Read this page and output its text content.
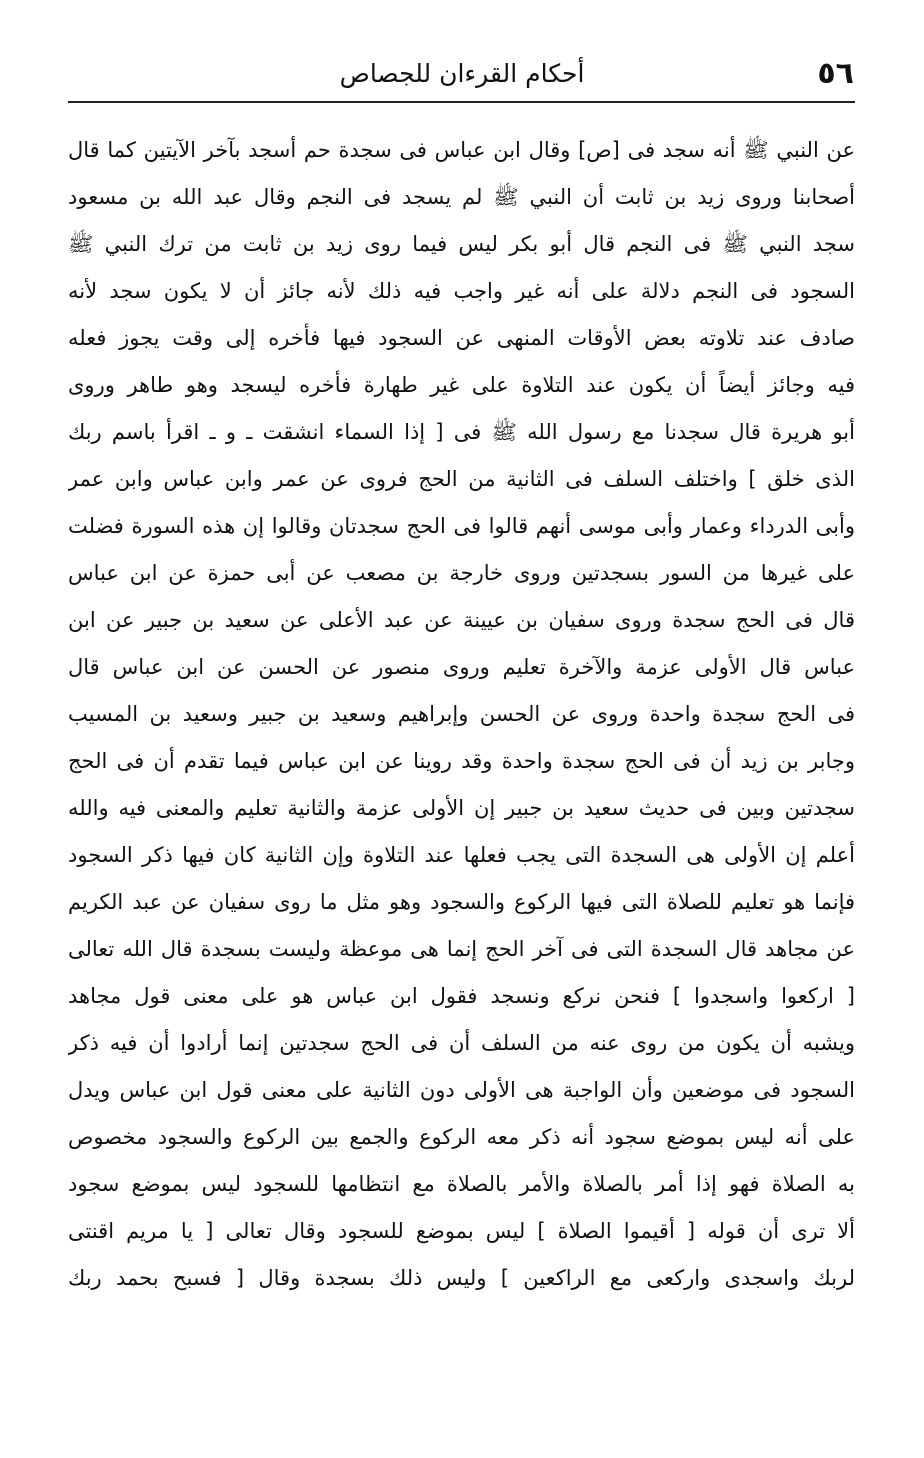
٥٦
أحكام القرءان للجصاص
عن النبي ﷺ أنه سجد فى [ص] وقال ابن عباس فى سجدة حم أسجد بآخر الآيتين كما قال
أصحابنا وروى زيد بن ثابت أن النبي ﷺ لم يسجد فى النجم وقال عبد الله بن مسعود
سجد النبي ﷺ فى النجم قال أبو بكر ليس فيما روى زيد بن ثابت من ترك النبي ﷺ
السجود فى النجم دلالة على أنه غير واجب فيه ذلك لأنه جائز أن لا يكون سجد لأنه
صادف عند تلاوته بعض الأوقات المنهى عن السجود فيها فأخره إلى وقت يجوز فعله
فيه وجائز أيضاً أن يكون عند التلاوة على غير طهارة فأخره ليسجد وهو طاهر وروى
أبو هريرة قال سجدنا مع رسول الله ﷺ فى [ إذا السماء انشقت ـ و ـ اقرأ باسم ربك
الذى خلق ] واختلف السلف فى الثانية من الحج فروى عن عمر وابن عباس وابن عمر
وأبى الدرداء وعمار وأبى موسى أنهم قالوا فى الحج سجدتان وقالوا إن هذه السورة فضلت
على غيرها من السور بسجدتين وروى خارجة بن مصعب عن أبى حمزة عن ابن عباس
قال فى الحج سجدة وروى سفيان بن عيينة عن عبد الأعلى عن سعيد بن جبير عن ابن
عباس قال الأولى عزمة والآخرة تعليم وروى منصور عن الحسن عن ابن عباس قال
فى الحج سجدة واحدة وروى عن الحسن وإبراهيم وسعيد بن جبير وسعيد بن المسيب
وجابر بن زيد أن فى الحج سجدة واحدة وقد روينا عن ابن عباس فيما تقدم أن فى الحج
سجدتين وبين فى حديث سعيد بن جبير إن الأولى عزمة والثانية تعليم والمعنى فيه والله
أعلم إن الأولى هى السجدة التى يجب فعلها عند التلاوة وإن الثانية كان فيها ذكر السجود
فإنما هو تعليم للصلاة التى فيها الركوع والسجود وهو مثل ما روى سفيان عن عبد الكريم
عن مجاهد قال السجدة التى فى آخر الحج إنما هى موعظة وليست بسجدة قال الله تعالى
[ اركعوا واسجدوا ] فنحن نركع ونسجد فقول ابن عباس هو على معنى قول مجاهد
ويشبه أن يكون من روى عنه من السلف أن فى الحج سجدتين إنما أرادوا أن فيه ذكر
السجود فى موضعين وأن الواجبة هى الأولى دون الثانية على معنى قول ابن عباس ويدل
على أنه ليس بموضع سجود أنه ذكر معه الركوع والجمع بين الركوع والسجود مخصوص
به الصلاة فهو إذا أمر بالصلاة والأمر بالصلاة مع انتظامها للسجود ليس بموضع سجود
ألا ترى أن قوله [ أقيموا الصلاة ] ليس بموضع للسجود وقال تعالى [ يا مريم اقنتى
لربك واسجدى واركعى مع الراكعين ] وليس ذلك بسجدة وقال [ فسبح بحمد ربك
